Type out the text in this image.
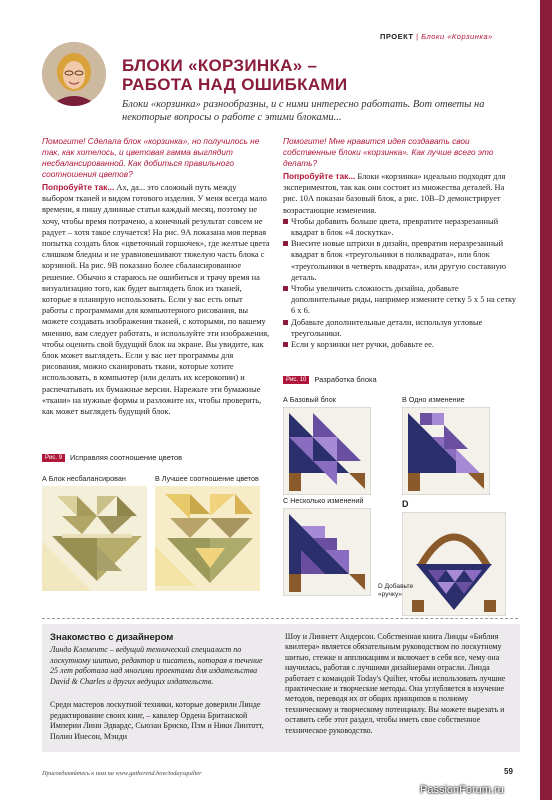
ПРОЕКТ | Блоки «Корзинка»
БЛОКИ «КОРЗИНКА» –
РАБОТА НАД ОШИБКАМИ
Блоки «корзинка» разнообразны, и с ними интересно работать. Вот ответы на некоторые вопросы о работе с этими блоками...

Помогите! Сделала блок «корзинка», но получилось не так, как хотелось, и цветовая гамма выглядит несбалансированной. Как добиться правильного соотношения цветов?

Попробуйте так... Ах, да... это сложный путь между выбором тканей и видом готового изделия. У меня всегда мало времени, я пишу длинные статьи каждый месяц, поэтому не хочу, чтобы время потрачено, а конечный результат совсем не радует – хотя такое случается! На рис. 9А показана моя первая попытка создать блок «цветочный горшочек», где желтые цвета слишком бледны и не уравновешивают тяжелую часть блока с корзиной. На рис. 9В показано более сбалансированное решение. Обычно я стараюсь не ошибиться и трачу время на визуализацию того, как будет выглядеть блок из тканей, которые я планирую использовать. Если у вас есть опыт работы с программами для компьютерного рисования, вы можете создавать изображения тканей, с которыми, по вашему мнению, вам следует работать, и используйте эти изображения, чтобы оценить свой будущий блок на экране. Вы увидите, как блок может выглядеть. Если у вас нет программы для рисования, можно сканировать ткани, которые хотите использовать, в компьютер (или делать их ксерокопии) и распечатывать их бумажные версии. Нарежьте эти бумажные «ткани» на нужные формы и разложите их, чтобы проверить, как может выглядеть будущий блок.

Рис. 9	Исправляя соотношение цветов
А Блок несбалансирован	В Лучшее соотношение цветов

Помогите! Мне нравится идея создавать свои собственные блоки «корзинка». Как лучше всего это делать?

Попробуйте так... Блоки «корзинка» идеально подходят для экспериментов, так как они состоят из множества деталей. На рис. 10А показан базовый блок, а рис. 10В–D демонстрирует возрастающие изменения.

Чтобы добавить больше цвета, превратите неразрезанный квадрат в блок «4 лоскутка».
Внесите новые штрихи в дизайн, превратив неразрезанный квадрат в блок «треугольники в полквадрата», или блок «треугольники в четверть квадрата», или другую составную деталь.
Чтобы увеличить сложность дизайна, добавьте дополнительные ряды, например измените сетку 5 х 5 на сетку 6 х 6.
Добавьте дополнительные детали, используя угловые треугольники.
Если у корзинки нет ручки, добавьте ее.
Рис. 10	Разработка блока
А Базовый блок	В Одно изменение
D
С Несколько изменений
D Добавьте «ручку»
Знакомство с дизайнером
Линда Клементс – ведущий технический специалист по лоскутному шитью, редактор и писатель, которая в течение 25 лет работала над многими проектами для издательства David & Charles и других ведущих издательств.
Среди мастеров лоскутной техники, которые доверили Линде редактирование своих книг, – кавалер Ордена Британской Империи Линн Эдвардс, Сьюзан Бриско, Пэм и Ники Линтотт, Полин Инесон, Мэнди
Шоу и Линнетт Андерсон. Собственная книга Линды «Библия квилтера» является обязательным руководством по лоскутному шитью, стежке и аппликациям и включает в себя все, чему она научилась, работая с лучшими дизайнерами отрасли. Линда работает с командой Today's Quilter, чтобы использовать лучшие практические и творческие методы. Она углубляется в изучение методов, переводя их от общих принципов к полному техническому и творческому потенциалу. Вы можете вырезать и оставить себе этот раздел, чтобы иметь свое собственное техническое руководство.
Присоединяйтесь к нам на www.gatherend.how/todaysquilter	59
PassionForum.ru
